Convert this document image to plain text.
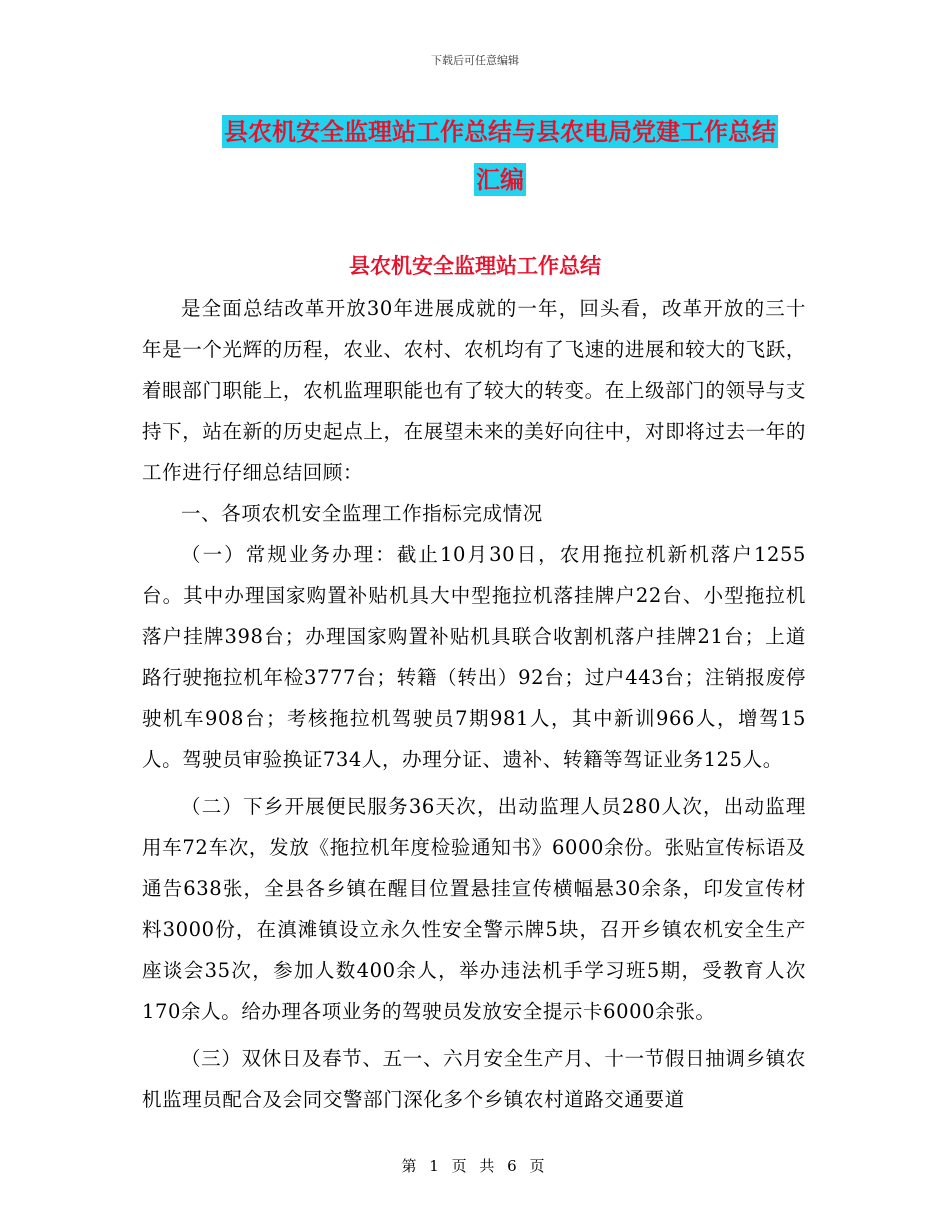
下载后可任意编辑
县农机安全监理站工作总结与县农电局党建工作总结
汇编
县农机安全监理站工作总结

是全面总结改革开放30年进展成就的一年，回头看，改革开放的三十年是一个光辉的历程，农业、农村、农机均有了飞速的进展和较大的飞跃，着眼部门职能上，农机监理职能也有了较大的转变。在上级部门的领导与支持下，站在新的历史起点上，在展望未来的美好向往中，对即将过去一年的工作进行仔细总结回顾：

一、各项农机安全监理工作指标完成情况

（一）常规业务办理：截止10月30日，农用拖拉机新机落户1255台。其中办理国家购置补贴机具大中型拖拉机落挂牌户22台、小型拖拉机落户挂牌398台；办理国家购置补贴机具联合收割机落户挂牌21台；上道路行驶拖拉机年检3777台；转籍（转出）92台；过户443台；注销报废停驶机车908台；考核拖拉机驾驶员7期981人，其中新训966人，增驾15人。驾驶员审验换证734人，办理分证、遗补、转籍等驾证业务125人。

（二）下乡开展便民服务36天次，出动监理人员280人次，出动监理用车72车次，发放《拖拉机年度检验通知书》6000余份。张贴宣传标语及通告638张，全县各乡镇在醒目位置悬挂宣传横幅悬30余条，印发宣传材料3000份，在滇滩镇设立永久性安全警示牌5块，召开乡镇农机安全生产座谈会35次，参加人数400余人，举办违法机手学习班5期，受教育人次170余人。给办理各项业务的驾驶员发放安全提示卡6000余张。

（三）双休日及春节、五一、六月安全生产月、十一节假日抽调乡镇农机监理员配合及会同交警部门深化多个乡镇农村道路交通要道

第 1 页 共 6 页
